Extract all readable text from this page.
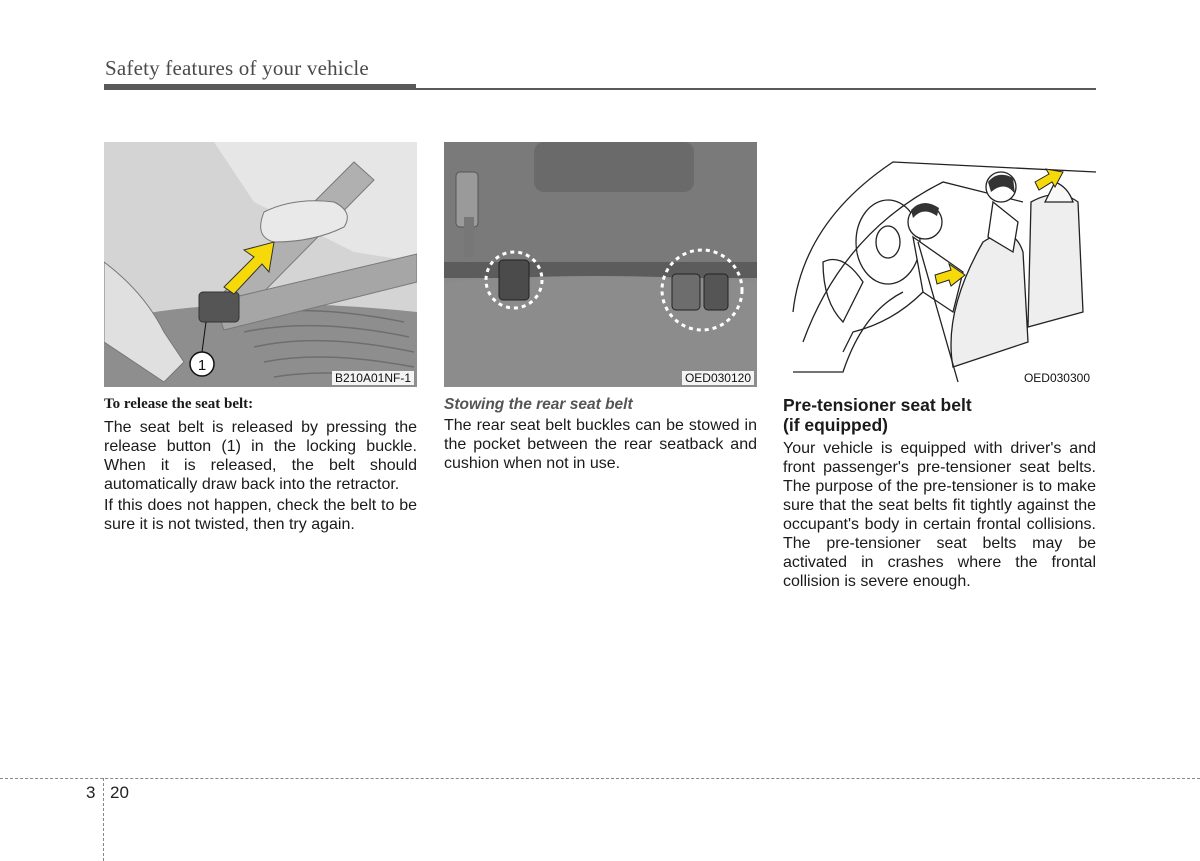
Safety features of your vehicle
1
B210A01NF-1	OED030120	OED030300

To release the seat belt:

The seat belt is released by pressing the release button (1) in the locking buckle. When it is released, the belt should automatically draw back into the retractor.

If this does not happen, check the belt to be sure it is not twisted, then try again.

Stowing the rear seat belt

The rear seat belt buckles can be stowed in the pocket between the rear seatback and cushion when not in use.

Pre-tensioner seat belt
(if equipped)

Your vehicle is equipped with driver's and front passenger's pre-tensioner seat belts. The purpose of the pre-tensioner is to make sure that the seat belts fit tightly against the occupant's body in certain frontal collisions. The pre-tensioner seat belts may be activated in crashes where the frontal collision is severe enough.

3 20
